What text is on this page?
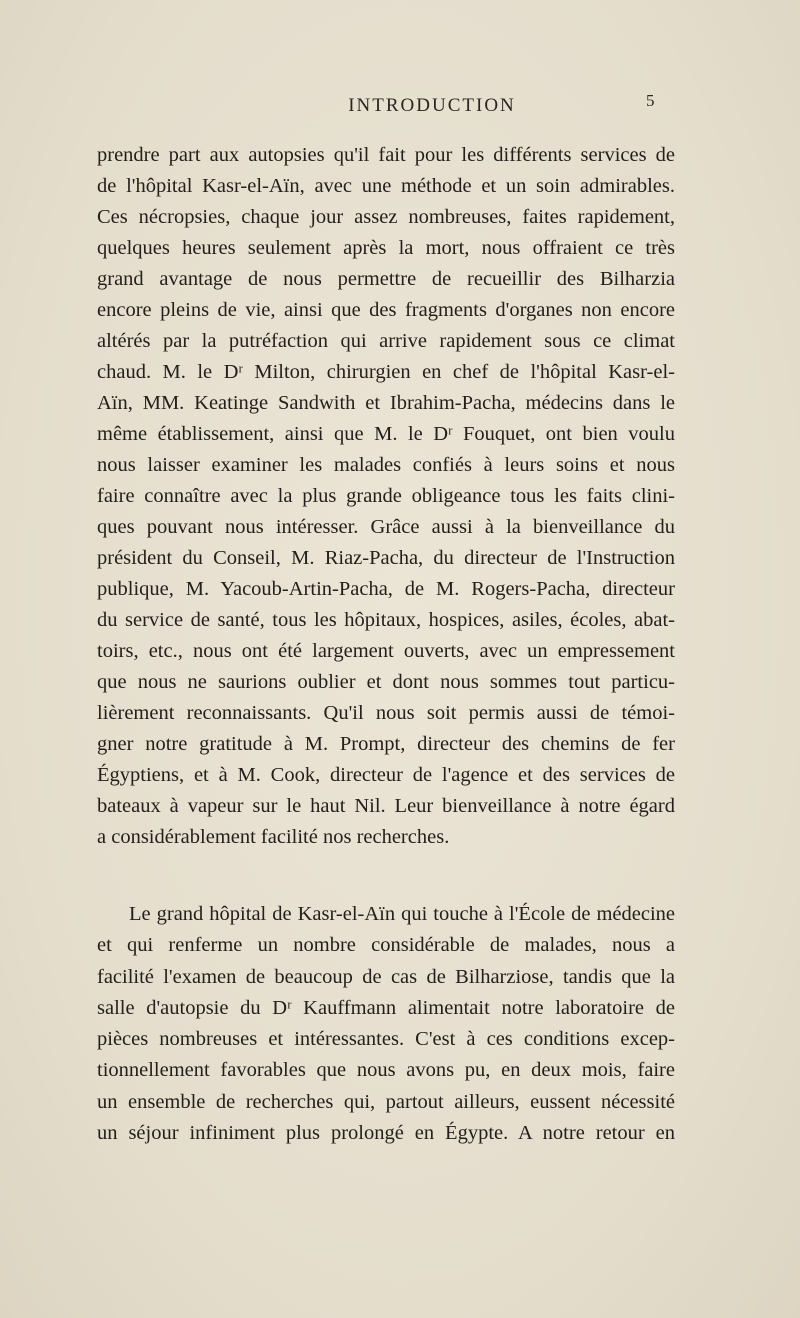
INTRODUCTION	5
prendre part aux autopsies qu'il fait pour les différents services de
de l'hôpital Kasr-el-Aïn, avec une méthode et un soin admirables.
Ces nécropsies, chaque jour assez nombreuses, faites rapidement,
quelques heures seulement après la mort, nous offraient ce très
grand avantage de nous permettre de recueillir des Bilharzia
encore pleins de vie, ainsi que des fragments d'organes non encore
altérés par la putréfaction qui arrive rapidement sous ce climat
chaud. M. le Dʳ Milton, chirurgien en chef de l'hôpital Kasr-el-
Aïn, MM. Keatinge Sandwith et Ibrahim-Pacha, médecins dans le
même établissement, ainsi que M. le Dʳ Fouquet, ont bien voulu
nous laisser examiner les malades confiés à leurs soins et nous
faire connaître avec la plus grande obligeance tous les faits clini-
ques pouvant nous intéresser. Grâce aussi à la bienveillance du
président du Conseil, M. Riaz-Pacha, du directeur de l'Instruction
publique, M. Yacoub-Artin-Pacha, de M. Rogers-Pacha, directeur
du service de santé, tous les hôpitaux, hospices, asiles, écoles, abat-
toirs, etc., nous ont été largement ouverts, avec un empressement
que nous ne saurions oublier et dont nous sommes tout particu-
lièrement reconnaissants. Qu'il nous soit permis aussi de témoi-
gner notre gratitude à M. Prompt, directeur des chemins de fer
Égyptiens, et à M. Cook, directeur de l'agence et des services de
bateaux à vapeur sur le haut Nil. Leur bienveillance à notre égard
a considérablement facilité nos recherches.
Le grand hôpital de Kasr-el-Aïn qui touche à l'École de médecine
et qui renferme un nombre considérable de malades, nous a
facilité l'examen de beaucoup de cas de Bilharziose, tandis que la
salle d'autopsie du Dʳ Kauffmann alimentait notre laboratoire de
pièces nombreuses et intéressantes. C'est à ces conditions excep-
tionnellement favorables que nous avons pu, en deux mois, faire
un ensemble de recherches qui, partout ailleurs, eussent nécessité
un séjour infiniment plus prolongé en Égypte. A notre retour en
